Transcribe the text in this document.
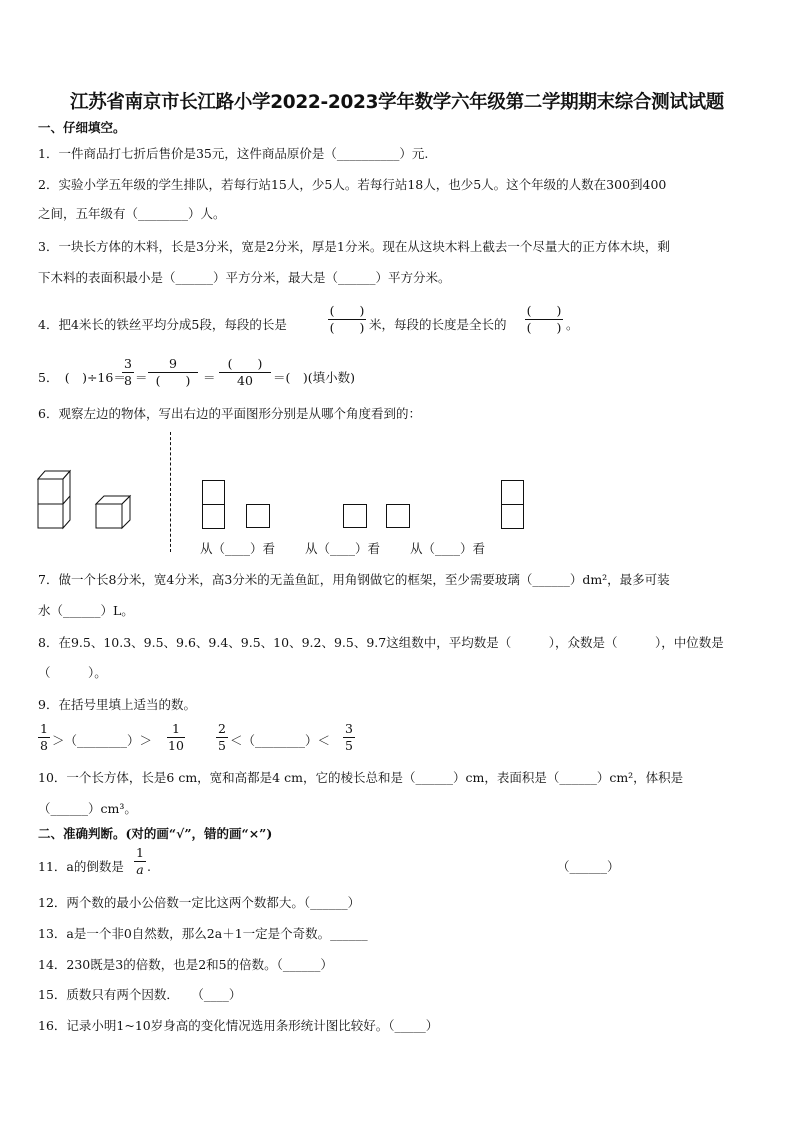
江苏省南京市长江路小学2022-2023学年数学六年级第二学期期末综合测试试题
一、仔细填空。
1．一件商品打七折后售价是35元，这件商品原价是（__________）元.
2．实验小学五年级的学生排队，若每行站15人，少5人。若每行站18人，也少5人。这个年级的人数在300到400
之间，五年级有（________）人。
3．一块长方体的木料，长是3分米，宽是2分米，厚是1分米。现在从这块木料上截去一个尽量大的正方体木块，剩
下木料的表面积最小是（______）平方分米，最大是（______）平方分米。
4．把4米长的铁丝平均分成5段，每段的长是
(　　)
(　　) 米，每段的长度是全长的
(　　)
(　　) 。
5．　(　)÷16＝
3
8 ＝
9
(　　)	＝
(　　)
40	＝(　)(填小数)
6．观察左边的物体，写出右边的平面图形分别是从哪个角度看到的：
从（____）看 从（____）看 从（____）看
7．做一个长8分米，宽4分米，高3分米的无盖鱼缸，用角钢做它的框架，至少需要玻璃（______）dm²，最多可装
水（______）L。
8．在9.5、10.3、9.5、9.6、9.4、9.5、10、9.2、9.5、9.7这组数中，平均数是（　　　），众数是（　　　），中位数是
（　　　）。
9．在括号里填上适当的数。
1
8 ＞（________）＞
1
10
2
5 ＜（________）＜
3
5
10．一个长方体，长是6 cm，宽和高都是4 cm，它的棱长总和是（______）cm，表面积是（______）cm²，体积是
（______）cm³。
二、准确判断。(对的画“√”，错的画“×”)
11．a的倒数是
1
a .	（______）
12．两个数的最小公倍数一定比这两个数都大。（______）
13．a是一个非0自然数，那么2a＋1一定是个奇数。______
14．230既是3的倍数，也是2和5的倍数。（______）
15．质数只有两个因数．　　（____）
16．记录小明1~10岁身高的变化情况选用条形统计图比较好。（_____）
